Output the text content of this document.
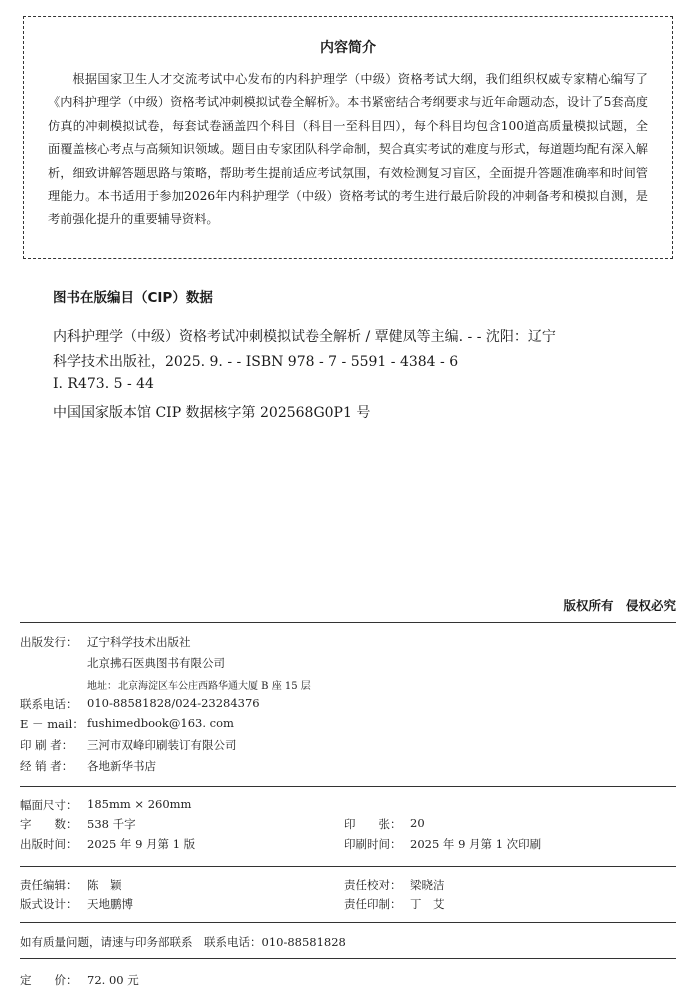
内容简介
根据国家卫生人才交流考试中心发布的内科护理学（中级）资格考试大纲，我们组织权威专家精心编写了《内科护理学（中级）资格考试冲刺模拟试卷全解析》。本书紧密结合考纲要求与近年命题动态，设计了5套高度仿真的冲刺模拟试卷，每套试卷涵盖四个科目（科目一至科目四），每个科目均包含100道高质量模拟试题，全面覆盖核心考点与高频知识领域。题目由专家团队科学命制，契合真实考试的难度与形式，每道题均配有深入解析，细致讲解答题思路与策略，帮助考生提前适应考试氛围，有效检测复习盲区，全面提升答题准确率和时间管理能力。本书适用于参加2026年内科护理学（中级）资格考试的考生进行最后阶段的冲刺备考和模拟自测，是考前强化提升的重要辅导资料。
图书在版编目（CIP）数据
内科护理学（中级）资格考试冲刺模拟试卷全解析 / 覃健凤等主编. - - 沈阳：辽宁
科学技术出版社，2025. 9. - - ISBN 978 - 7 - 5591 - 4384 - 6
Ⅰ. R473. 5 - 44
中国国家版本馆 CIP 数据核字第 202568G0P1 号
版权所有　侵权必究
出版发行： 辽宁科学技术出版社
北京拂石医典图书有限公司
地址： 北京海淀区车公庄西路华通大厦 B 座 15 层
联系电话： 010-88581828/024-23284376
E － mail： fushimedbook@163. com
印 刷 者： 三河市双峰印刷装订有限公司
经 销 者： 各地新华书店
幅面尺寸： 185mm × 260mm
字　　数： 538 千字	印　　张： 20
出版时间： 2025 年 9 月第 1 版	印刷时间： 2025 年 9 月第 1 次印刷
责任编辑： 陈　颖	责任校对： 梁晓洁
版式设计： 天地鹏博	责任印制： 丁　艾
如有质量问题，请速与印务部联系　联系电话：010-88581828
定　　价： 72. 00 元
